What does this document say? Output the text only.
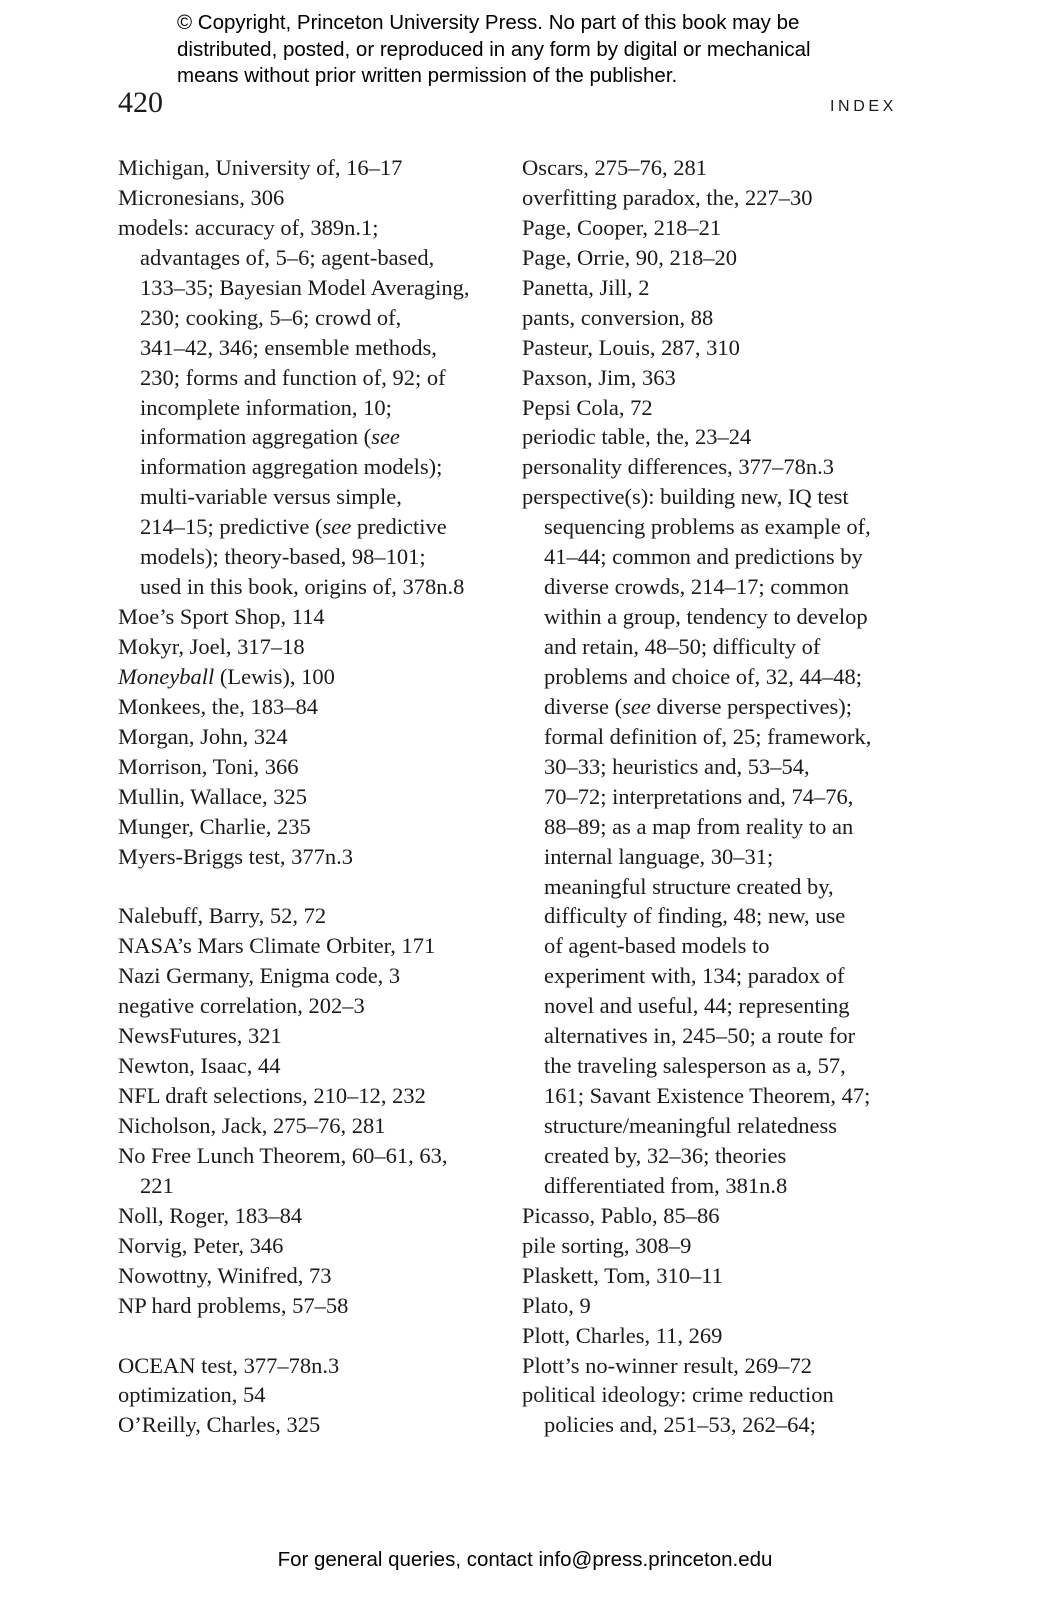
© Copyright, Princeton University Press. No part of this book may be
distributed, posted, or reproduced in any form by digital or mechanical
means without prior written permission of the publisher.
420	INDEX
Michigan, University of, 16–17
Micronesians, 306
models: accuracy of, 389n.1;
advantages of, 5–6; agent-based,
133–35; Bayesian Model Averaging,
230; cooking, 5–6; crowd of,
341–42, 346; ensemble methods,
230; forms and function of, 92; of
incomplete information, 10;
information aggregation (see
information aggregation models);
multi-variable versus simple,
214–15; predictive (see predictive
models); theory-based, 98–101;
used in this book, origins of, 378n.8
Moe’s Sport Shop, 114
Mokyr, Joel, 317–18
Moneyball (Lewis), 100
Monkees, the, 183–84
Morgan, John, 324
Morrison, Toni, 366
Mullin, Wallace, 325
Munger, Charlie, 235
Myers-Briggs test, 377n.3
Nalebuff, Barry, 52, 72
NASA’s Mars Climate Orbiter, 171
Nazi Germany, Enigma code, 3
negative correlation, 202–3
NewsFutures, 321
Newton, Isaac, 44
NFL draft selections, 210–12, 232
Nicholson, Jack, 275–76, 281
No Free Lunch Theorem, 60–61, 63,
221
Noll, Roger, 183–84
Norvig, Peter, 346
Nowottny, Winifred, 73
NP hard problems, 57–58
OCEAN test, 377–78n.3
optimization, 54
O’Reilly, Charles, 325
Oscars, 275–76, 281
overfitting paradox, the, 227–30
Page, Cooper, 218–21
Page, Orrie, 90, 218–20
Panetta, Jill, 2
pants, conversion, 88
Pasteur, Louis, 287, 310
Paxson, Jim, 363
Pepsi Cola, 72
periodic table, the, 23–24
personality differences, 377–78n.3
perspective(s): building new, IQ test
sequencing problems as example of,
41–44; common and predictions by
diverse crowds, 214–17; common
within a group, tendency to develop
and retain, 48–50; difficulty of
problems and choice of, 32, 44–48;
diverse (see diverse perspectives);
formal definition of, 25; framework,
30–33; heuristics and, 53–54,
70–72; interpretations and, 74–76,
88–89; as a map from reality to an
internal language, 30–31;
meaningful structure created by,
difficulty of finding, 48; new, use
of agent-based models to
experiment with, 134; paradox of
novel and useful, 44; representing
alternatives in, 245–50; a route for
the traveling salesperson as a, 57,
161; Savant Existence Theorem, 47;
structure/meaningful relatedness
created by, 32–36; theories
differentiated from, 381n.8
Picasso, Pablo, 85–86
pile sorting, 308–9
Plaskett, Tom, 310–11
Plato, 9
Plott, Charles, 11, 269
Plott’s no-winner result, 269–72
political ideology: crime reduction
policies and, 251–53, 262–64;
For general queries, contact info@press.princeton.edu
